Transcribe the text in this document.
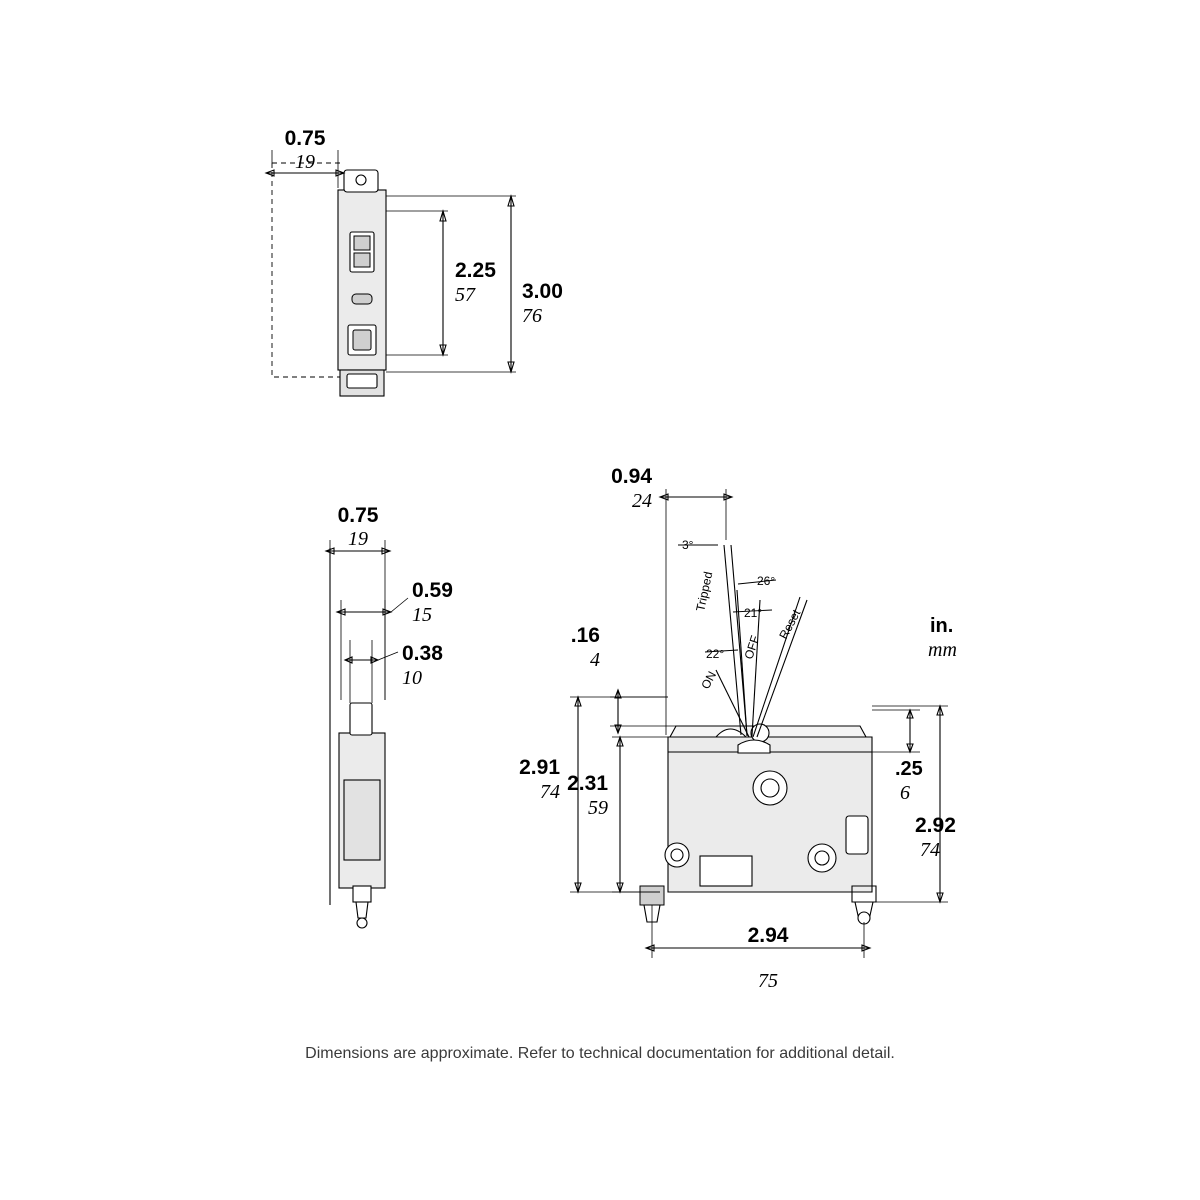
0.75
19
2.25
57 3.00
76
0.75
19
0.59
15
0.38
10
3°
26°
21°
22°
ON
Tripped
OFF
Reset
0.94
24
.16
4
2.91
74 2.31
59
.25
6
2.92
74
2.94
75
in.
mm
Dimensions are approximate. Refer to technical documentation for additional detail.
